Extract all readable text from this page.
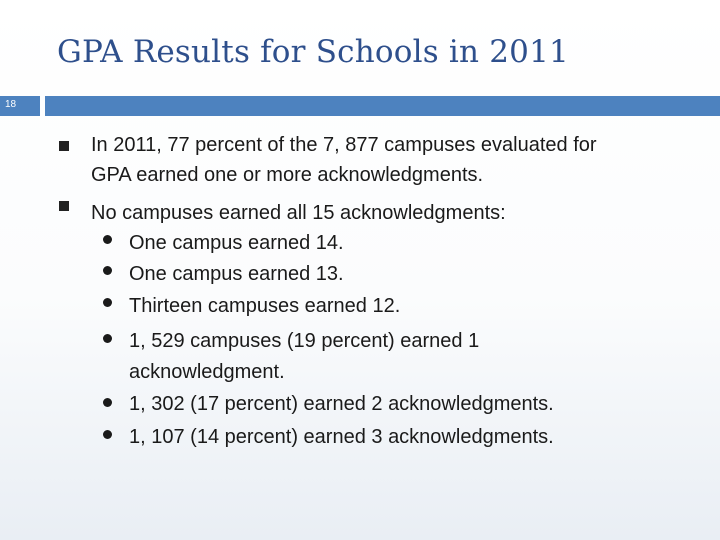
GPA Results for Schools in 2011
18
In 2011, 77 percent of the 7, 877 campuses evaluated for
GPA earned one or more acknowledgments.
No campuses earned all 15 acknowledgments:
One campus earned 14.
One campus earned 13.
Thirteen campuses earned 12.
1, 529 campuses (19 percent) earned 1
acknowledgment.
1, 302 (17 percent) earned 2 acknowledgments.
1, 107 (14 percent) earned 3 acknowledgments.
